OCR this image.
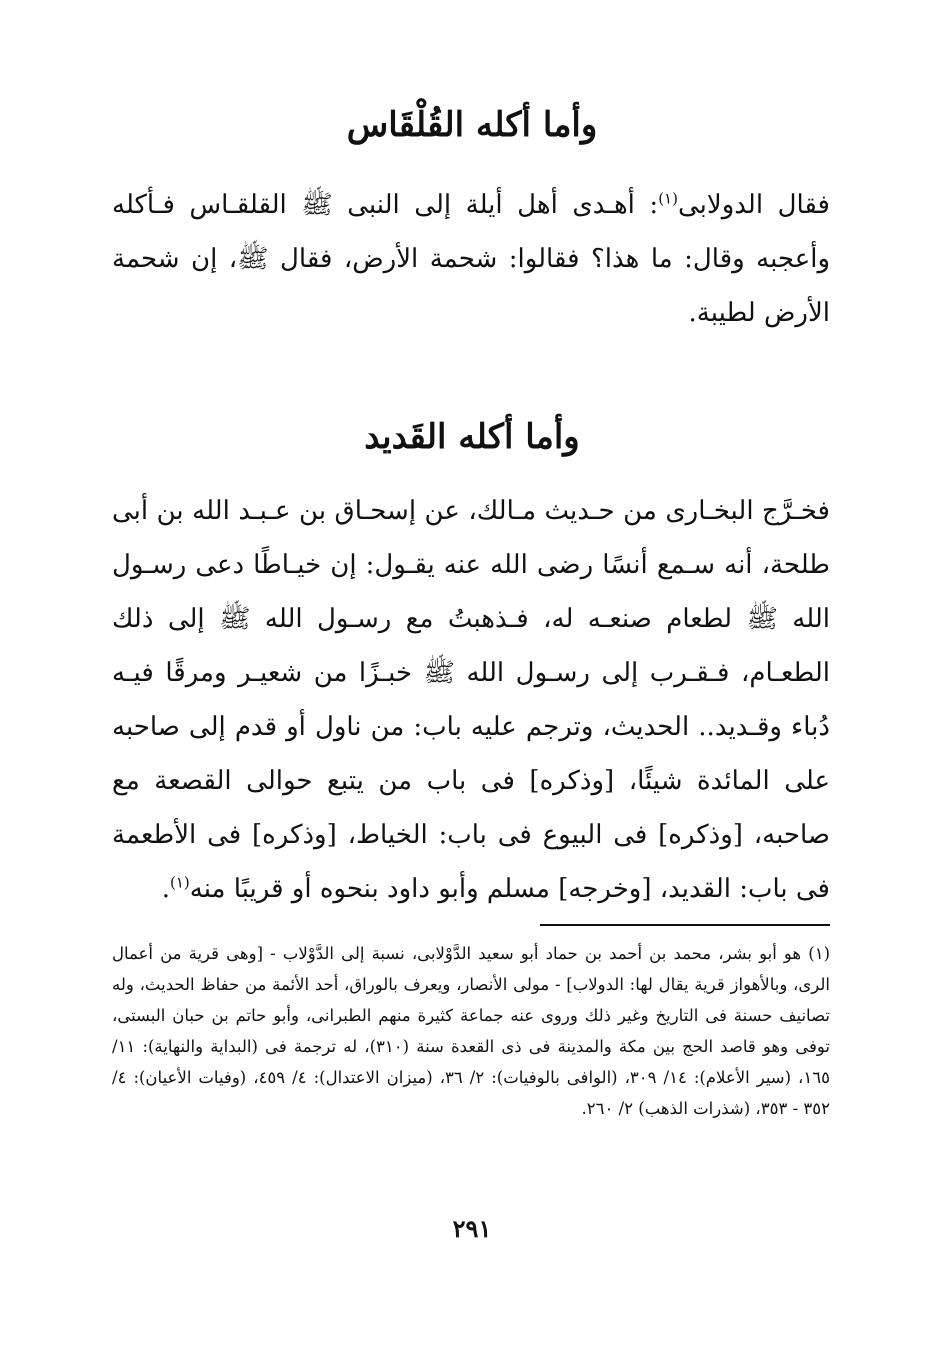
وأما أكله القُلْقَاس

فقال الدولابى$^{(١)}$: أهـدى أهل أيلة إلى النبى ﷺ القلقـاس فـأكله وأعجبه وقال: ما هذا؟ فقالوا: شحمة الأرض، فقال ﷺ، إن شحمة الأرض لطيبة.

وأما أكله القَديد

فخـرَّج البخـارى من حـديث مـالك، عن إسحـاق بن عـبـد الله بن أبى طلحة، أنه سـمع أنسًا رضى الله عنه يقـول: إن خيـاطًا دعى رسـول الله ﷺ لطعام صنعـه له، فـذهبتُ مع رسـول الله ﷺ إلى ذلك الطعـام، فـقـرب إلى رسـول الله ﷺ خبـزًا من شعيـر ومرقًا فيـه دُباء وقـديد.. الحديث، وترجم عليه باب: من ناول أو قدم إلى صاحبه على المائدة شيئًا، [وذكره] فى باب من يتبع حوالى القصعة مع صاحبه، [وذكره] فى البيوع فى باب: الخياط، [وذكره] فى الأطعمة فى باب: القديد، [وخرجه] مسلم وأبو داود بنحوه أو قريبًا منه$^{(١)}$.

(١) هو أبو بشر، محمد بن أحمد بن حماد أبو سعيد الدَّوْلابى، نسبة إلى الدَّوْلاب - [وهى قرية من أعمال الرى، وبالأهواز قرية يقال لها: الدولاب] - مولى الأنصار، ويعرف بالوراق، أحد الأئمة من حفاظ الحديث، وله تصانيف حسنة فى التاريخ وغير ذلك وروى عنه جماعة كثيرة منهم الطبرانى، وأبو حاتم بن حبان البستى، توفى وهو قاصد الحج بين مكة والمدينة فى ذى القعدة سنة (٣١٠)، له ترجمة فى (البداية والنهاية): ١١/ ١٦٥، (سير الأعلام): ١٤/ ٣٠٩، (الوافى بالوفيات): ٢/ ٣٦، (ميزان الاعتدال): ٤/ ٤٥٩، (وفيات الأعيان): ٤/ ٣٥٢ - ٣٥٣، (شذرات الذهب) ٢/ ٢٦٠.

٢٩١
